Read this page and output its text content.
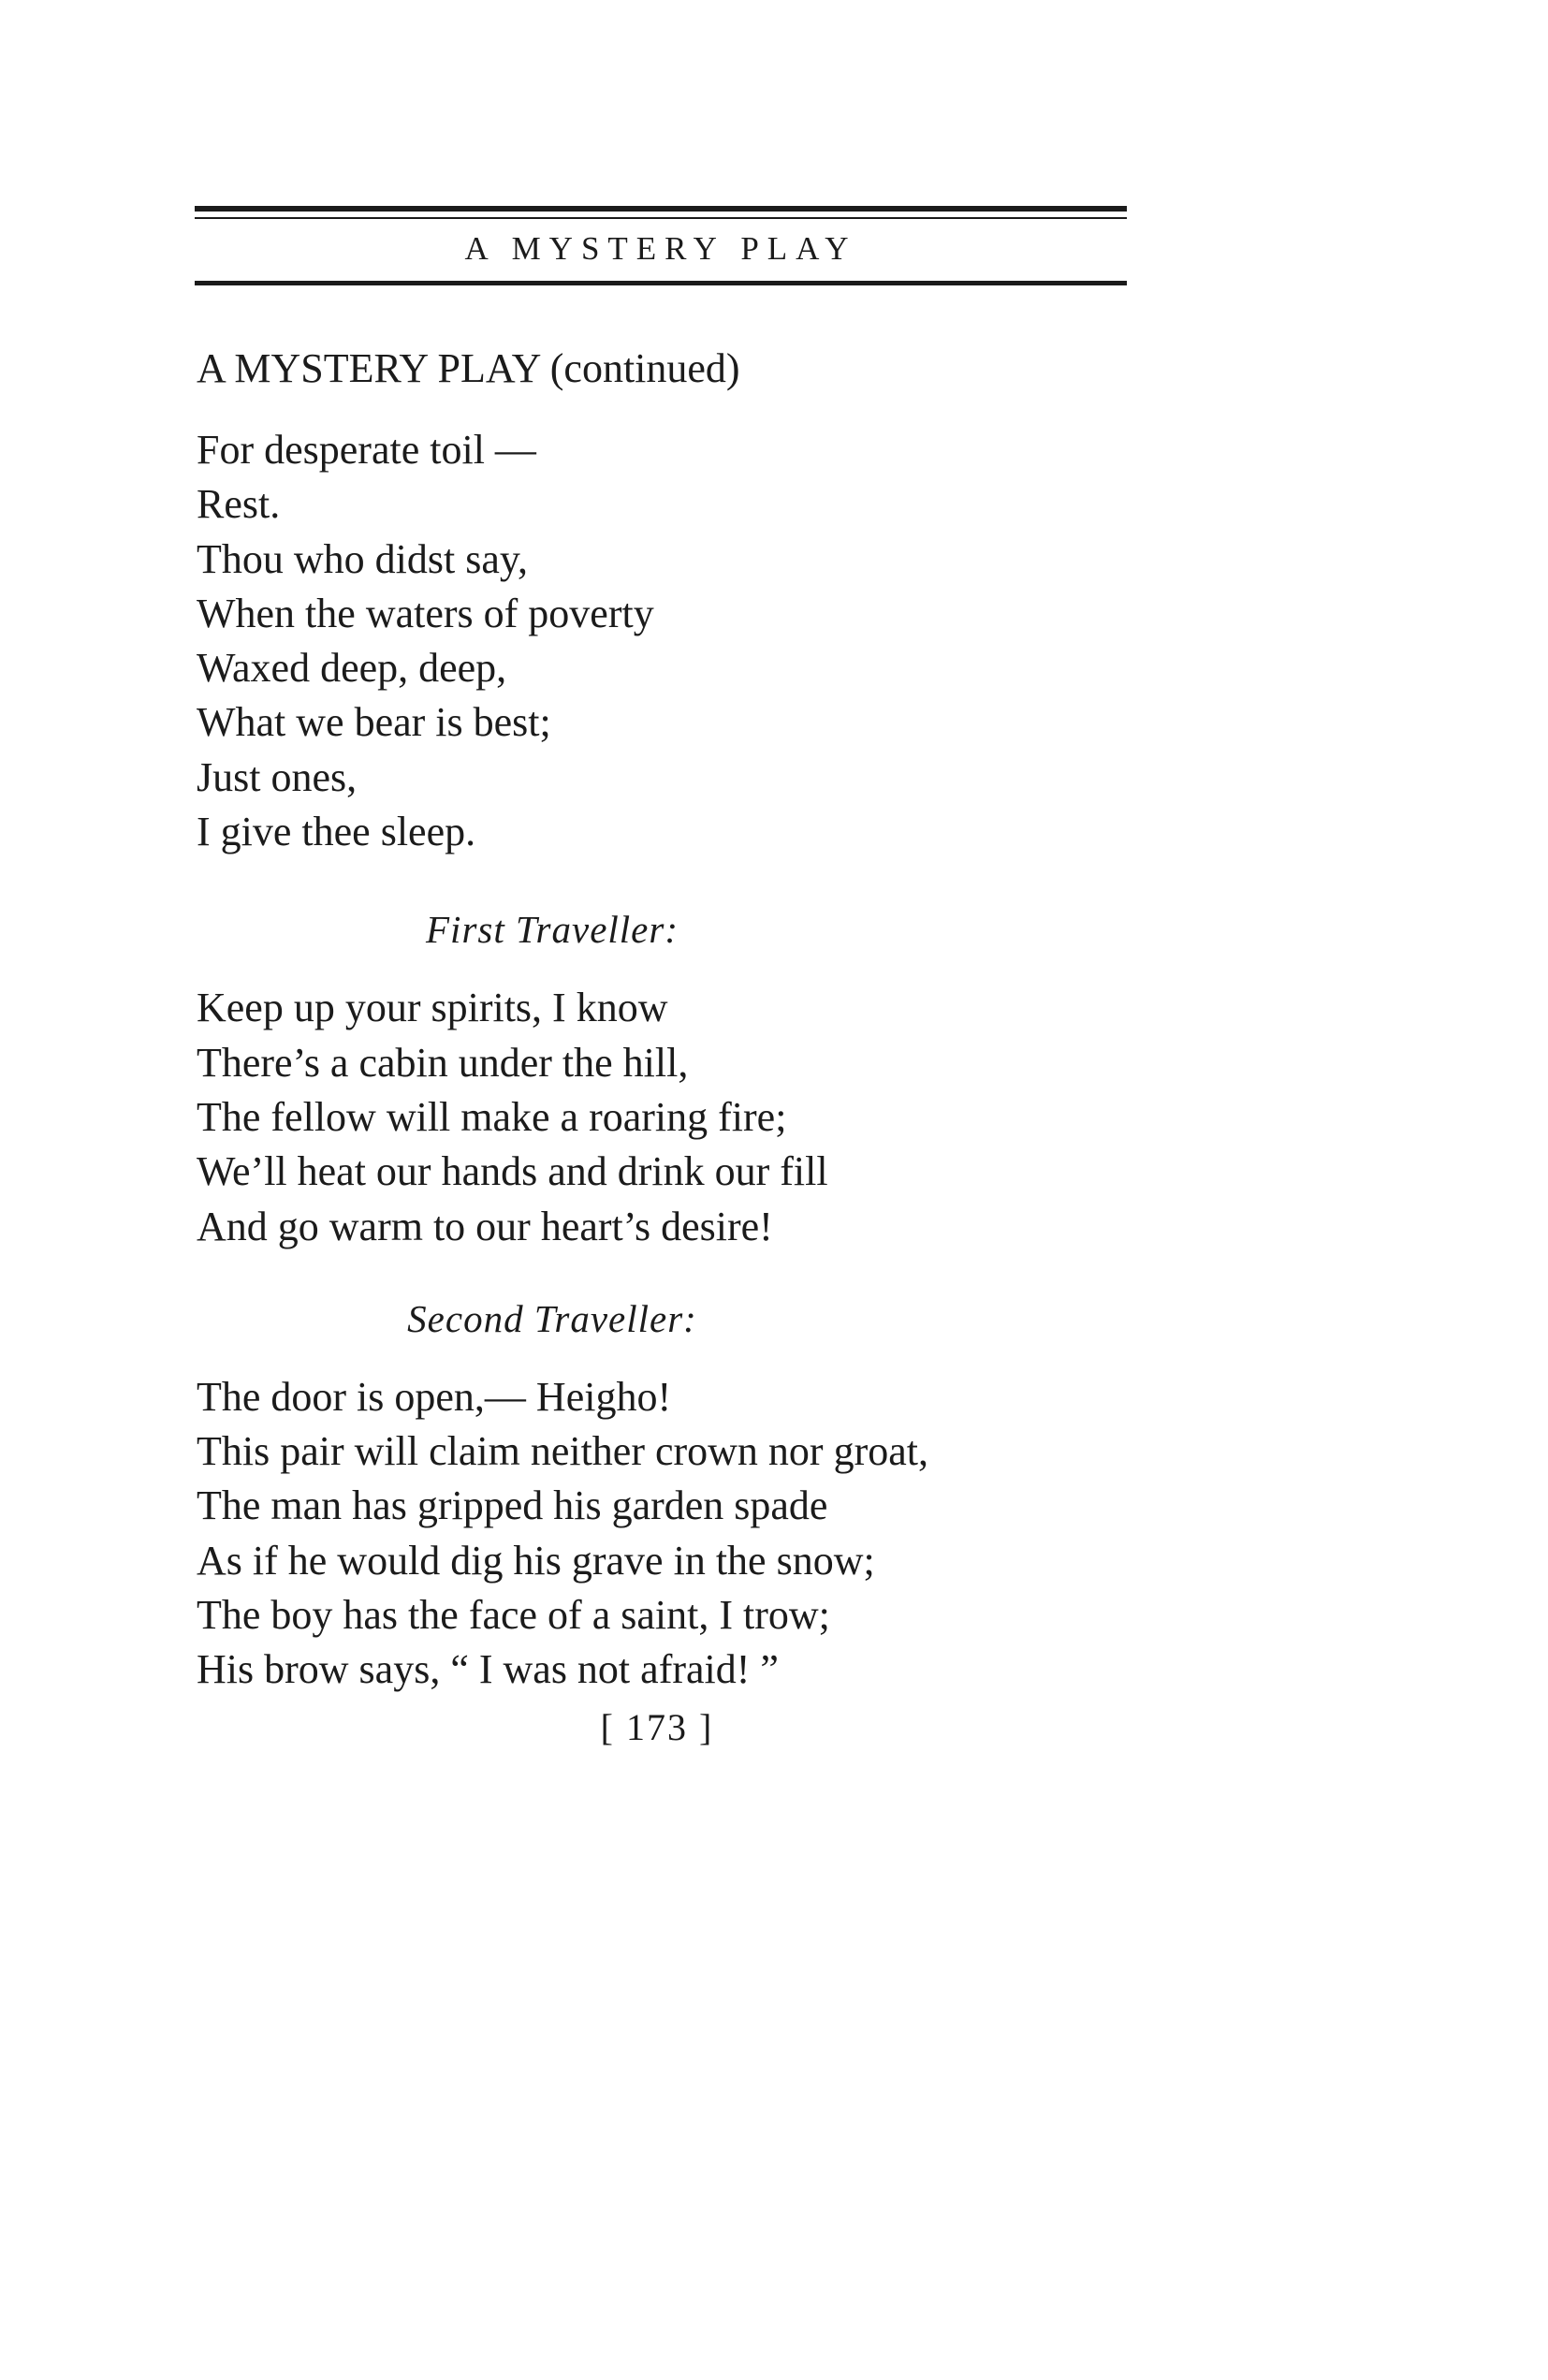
A MYSTERY PLAY
A MYSTERY PLAY (continued)
For desperate toil —
Rest.
Thou who didst say,
When the waters of poverty
Waxed deep, deep,
What we bear is best;
Just ones,
I give thee sleep.
First Traveller:
Keep up your spirits, I know
There’s a cabin under the hill,
The fellow will make a roaring fire;
We’ll heat our hands and drink our fill
And go warm to our heart’s desire!
Second Traveller:
The door is open,— Heigho!
This pair will claim neither crown nor groat,
The man has gripped his garden spade
As if he would dig his grave in the snow;
The boy has the face of a saint, I trow;
His brow says, “ I was not afraid! ”
[ 173 ]
